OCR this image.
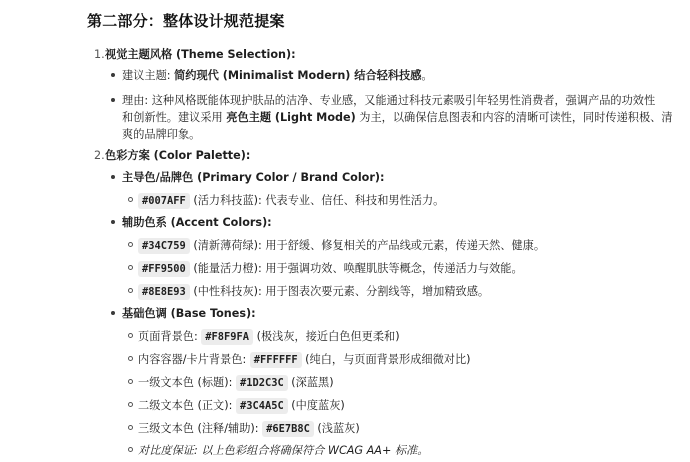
第二部分：整体设计规范提案
1. 视觉主题风格 (Theme Selection):
建议主题: 简约现代 (Minimalist Modern) 结合轻科技感。
理由: 这种风格既能体现护肤品的洁净、专业感，又能通过科技元素吸引年轻男性消费者，强调产品的功效性
和创新性。建议采用 亮色主题 (Light Mode) 为主，以确保信息图表和内容的清晰可读性，同时传递积极、清
爽的品牌印象。
2. 色彩方案 (Color Palette):
主导色/品牌色 (Primary Color / Brand Color):
#007AFF (活力科技蓝): 代表专业、信任、科技和男性活力。
辅助色系 (Accent Colors):
#34C759 (清新薄荷绿): 用于舒缓、修复相关的产品线或元素，传递天然、健康。
#FF9500 (能量活力橙): 用于强调功效、唤醒肌肤等概念，传递活力与效能。
#8E8E93 (中性科技灰): 用于图表次要元素、分割线等，增加精致感。
基础色调 (Base Tones):
页面背景色: #F8F9FA (极浅灰，接近白色但更柔和)
内容容器/卡片背景色: #FFFFFF (纯白，与页面背景形成细微对比)
一级文本色 (标题): #1D2C3C (深蓝黑)
二级文本色 (正文): #3C4A5C (中度蓝灰)
三级文本色 (注释/辅助): #6E7B8C (浅蓝灰)
对比度保证: 以上色彩组合将确保符合 WCAG AA+ 标准。
